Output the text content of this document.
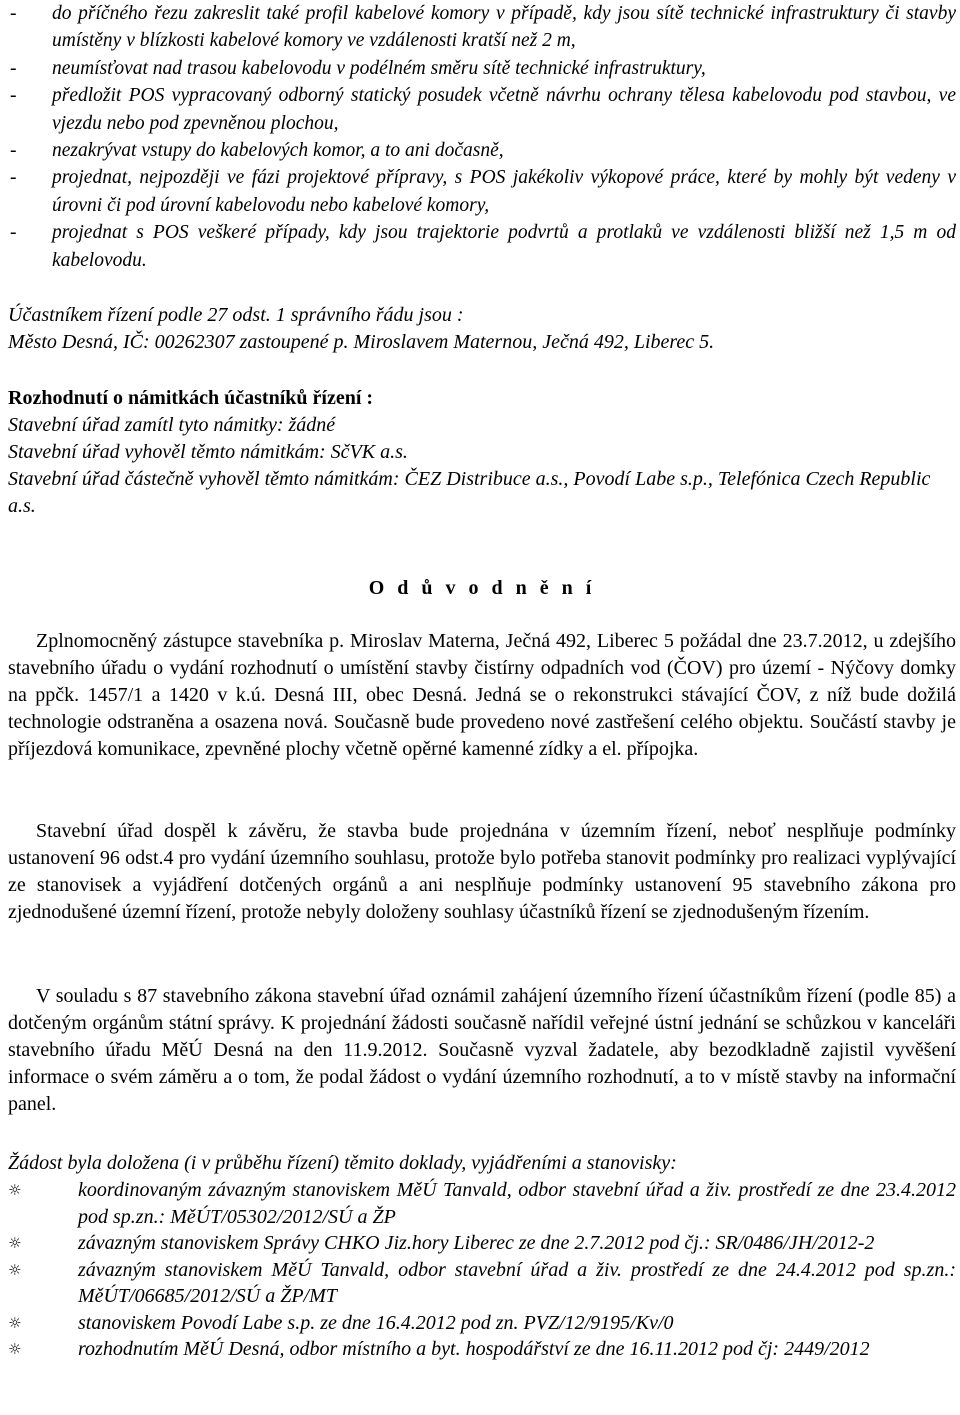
- do příčného řezu zakreslit také profil kabelové komory v případě, kdy jsou sítě technické infrastruktury či stavby umístěny v blízkosti kabelové komory ve vzdálenosti kratší než 2 m,
- neumísťovat nad trasou kabelovodu v podélném směru sítě technické infrastruktury,
- předložit POS vypracovaný odborný statický posudek včetně návrhu ochrany tělesa kabelovodu pod stavbou, ve vjezdu nebo pod zpevněnou plochou,
- nezakrývat vstupy do kabelových komor, a to ani dočasně,
- projednat, nejpozději ve fázi projektové přípravy, s POS jakékoliv výkopové práce, které by mohly být vedeny v úrovni či pod úrovní kabelovodu nebo kabelové komory,
- projednat s POS veškeré případy, kdy jsou trajektorie podvrtů a protlaků ve vzdálenosti bližší než 1,5 m od kabelovodu.

Účastníkem řízení podle 27 odst. 1 správního řádu jsou :

Město Desná, IČ: 00262307 zastoupené p. Miroslavem Maternou, Ječná 492, Liberec 5.

Rozhodnutí o námitkách účastníků řízení :

Stavební úřad zamítl tyto námitky: žádné

Stavební úřad vyhověl těmto námitkám: SčVK a.s.

Stavební úřad částečně vyhověl těmto námitkám: ČEZ Distribuce a.s., Povodí Labe s.p., Telefónica Czech Republic a.s.

O d ů v o d n ě n í

Zplnomocněný zástupce stavebníka p. Miroslav Materna, Ječná 492, Liberec 5 požádal dne 23.7.2012, u zdejšího stavebního úřadu o vydání rozhodnutí o umístění stavby čistírny odpadních vod (ČOV) pro území - Nýčovy domky na ppčk. 1457/1 a 1420 v k.ú. Desná III, obec Desná. Jedná se o rekonstrukci stávající ČOV, z níž bude dožilá technologie odstraněna a osazena nová. Současně bude provedeno nové zastřešení celého objektu. Součástí stavby je příjezdová komunikace, zpevněné plochy včetně opěrné kamenné zídky a el. přípojka.

Stavební úřad dospěl k závěru, že stavba bude projednána v územním řízení, neboť nesplňuje podmínky ustanovení 96 odst.4 pro vydání územního souhlasu, protože bylo potřeba stanovit podmínky pro realizaci vyplývající ze stanovisek a vyjádření dotčených orgánů a ani nesplňuje podmínky ustanovení 95 stavebního zákona pro zjednodušené územní řízení, protože nebyly doloženy souhlasy účastníků řízení se zjednodušeným řízením.

V souladu s 87 stavebního zákona stavební úřad oznámil zahájení územního řízení účastníkům řízení (podle 85) a dotčeným orgánům státní správy. K projednání žádosti současně nařídil veřejné ústní jednání se schůzkou v kanceláři stavebního úřadu MěÚ Desná na den 11.9.2012. Současně vyzval žadatele, aby bezodkladně zajistil vyvěšení informace o svém záměru a o tom, že podal žádost o vydání územního rozhodnutí, a to v místě stavby na informační panel.

Žádost byla doložena (i v průběhu řízení) těmito doklady, vyjádřeními a stanovisky:

☼	koordinovaným závazným stanoviskem MěÚ Tanvald, odbor stavební úřad a živ. prostředí ze dne 23.4.2012 pod sp.zn.: MěÚT/05302/2012/SÚ a ŽP
☼	závazným stanoviskem Správy CHKO Jiz.hory Liberec ze dne 2.7.2012 pod čj.: SR/0486/JH/2012-2
☼	závazným stanoviskem MěÚ Tanvald, odbor stavební úřad a živ. prostředí ze dne 24.4.2012 pod sp.zn.: MěÚT/06685/2012/SÚ a ŽP/MT
☼	stanoviskem Povodí Labe s.p. ze dne 16.4.2012 pod zn. PVZ/12/9195/Kv/0
☼	rozhodnutím MěÚ Desná, odbor místního a byt. hospodářství ze dne 16.11.2012 pod čj: 2449/2012
